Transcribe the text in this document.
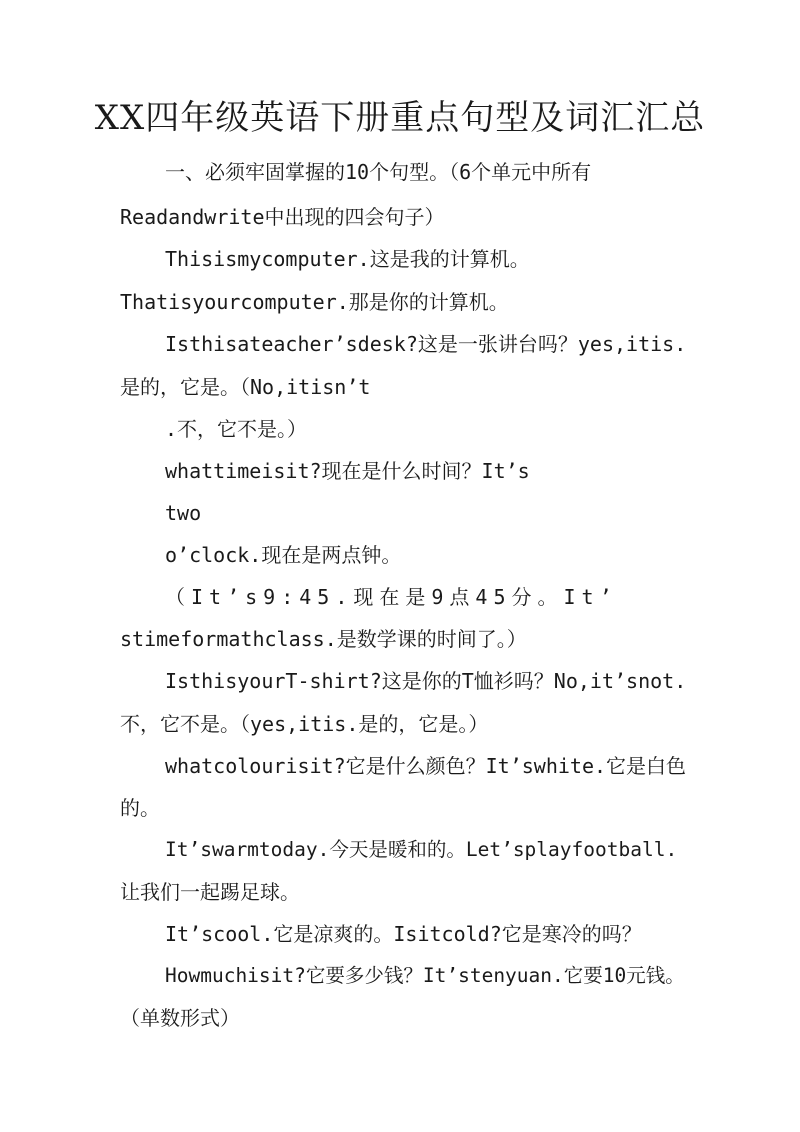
XX四年级英语下册重点句型及词汇汇总
一、必须牢固掌握的10个句型。（6个单元中所有
Readandwrite中出现的四会句子）
Thisismycomputer.这是我的计算机。
Thatisyourcomputer.那是你的计算机。
Isthisateacher’sdesk?这是一张讲台吗？yes,itis.
是的，它是。（No,itisn’t
.不，它不是。）
whattimeisit?现在是什么时间？It’s
two
o’clock.现在是两点钟。
（It’s9:45.现在是9点45分。It’
stimeformathclass.是数学课的时间了。）
IsthisyourT-shirt?这是你的T恤衫吗？No,it’snot.
不，它不是。（yes,itis.是的，它是。）
whatcolourisit?它是什么颜色？It’swhite.它是白色
的。
It’swarmtoday.今天是暖和的。Let’splayfootball.
让我们一起踢足球。
It’scool.它是凉爽的。Isitcold?它是寒冷的吗？
Howmuchisit?它要多少钱？It’stenyuan.它要10元钱。
（单数形式）
